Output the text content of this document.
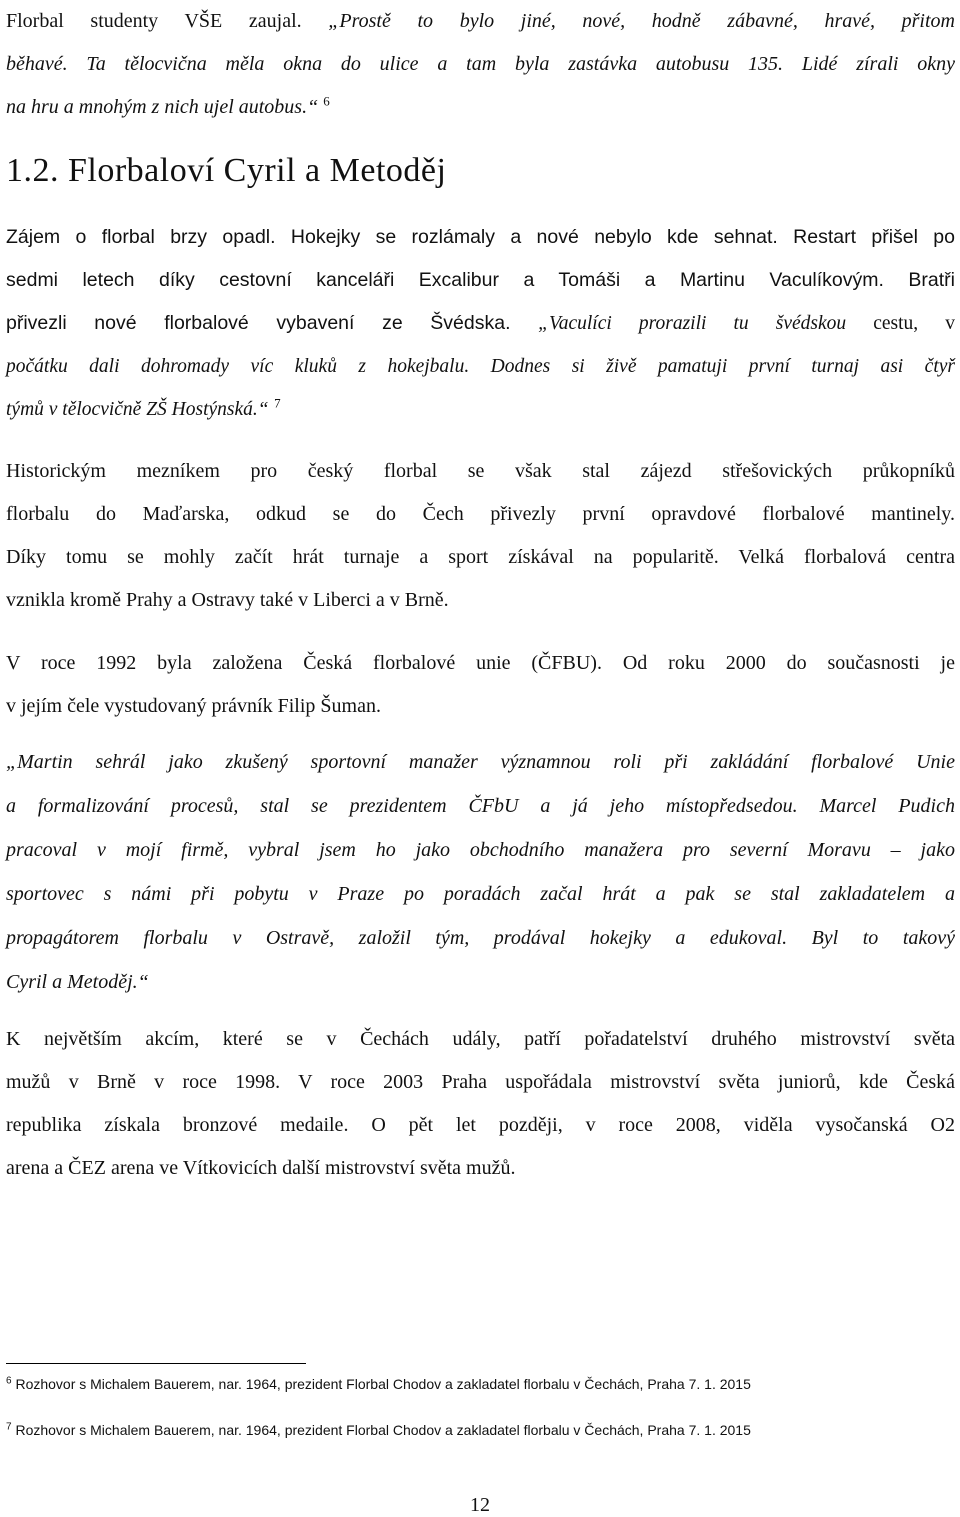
Florbal studenty VŠE zaujal. „Prostě to bylo jiné, nové, hodně zábavné, hravé, přitom
běhavé. Ta tělocvična měla okna do ulice a tam byla zastávka autobusu 135. Lidé zírali okny
na hru a mnohým z nich ujel autobus.“ $^6$
1.2. Florbaloví Cyril a Metoděj
Zájem o florbal brzy opadl. Hokejky se rozlámaly a nové nebylo kde sehnat. Restart přišel po
sedmi letech díky cestovní kanceláři Excalibur a Tomáši a Martinu Vaculíkovým. Bratři
přivezli nové florbalové vybavení ze Švédska. „Vaculíci prorazili tu švédskou cestu, v
počátku dali dohromady víc kluků z hokejbalu. Dodnes si živě pamatuji první turnaj asi čtyř
týmů v tělocvičně ZŠ Hostýnská.“ $^7$
Historickým mezníkem pro český florbal se však stal zájezd střešovických průkopníků
florbalu do Maďarska, odkud se do Čech přivezly první opravdové florbalové mantinely.
Díky tomu se mohly začít hrát turnaje a sport získával na popularitě. Velká florbalová centra
vznikla kromě Prahy a Ostravy také v Liberci a v Brně.
V roce 1992 byla založena Česká florbalové unie (ČFBU). Od roku 2000 do současnosti je
v jejím čele vystudovaný právník Filip Šuman.
„Martin sehrál jako zkušený sportovní manažer významnou roli při zakládání florbalové Unie
a formalizování procesů, stal se prezidentem ČFbU a já jeho místopředsedou. Marcel Pudich
pracoval v mojí firmě, vybral jsem ho jako obchodního manažera pro severní Moravu – jako
sportovec s námi při pobytu v Praze po poradách začal hrát a pak se stal zakladatelem a
propagátorem florbalu v Ostravě, založil tým, prodával hokejky a edukoval. Byl to takový
Cyril a Metoděj.“
K největším akcím, které se v Čechách udály, patří pořadatelství druhého mistrovství světa
mužů v Brně v roce 1998. V roce 2003 Praha uspořádala mistrovství světa juniorů, kde Česká
republika získala bronzové medaile. O pět let později, v roce 2008, viděla vysočanská O2
arena a ČEZ arena ve Vítkovicích další mistrovství světa mužů.
$^6$ Rozhovor s Michalem Bauerem, nar. 1964, prezident Florbal Chodov a zakladatel florbalu v Čechách, Praha 7. 1. 2015
$^7$ Rozhovor s Michalem Bauerem, nar. 1964, prezident Florbal Chodov a zakladatel florbalu v Čechách, Praha 7. 1. 2015
12
